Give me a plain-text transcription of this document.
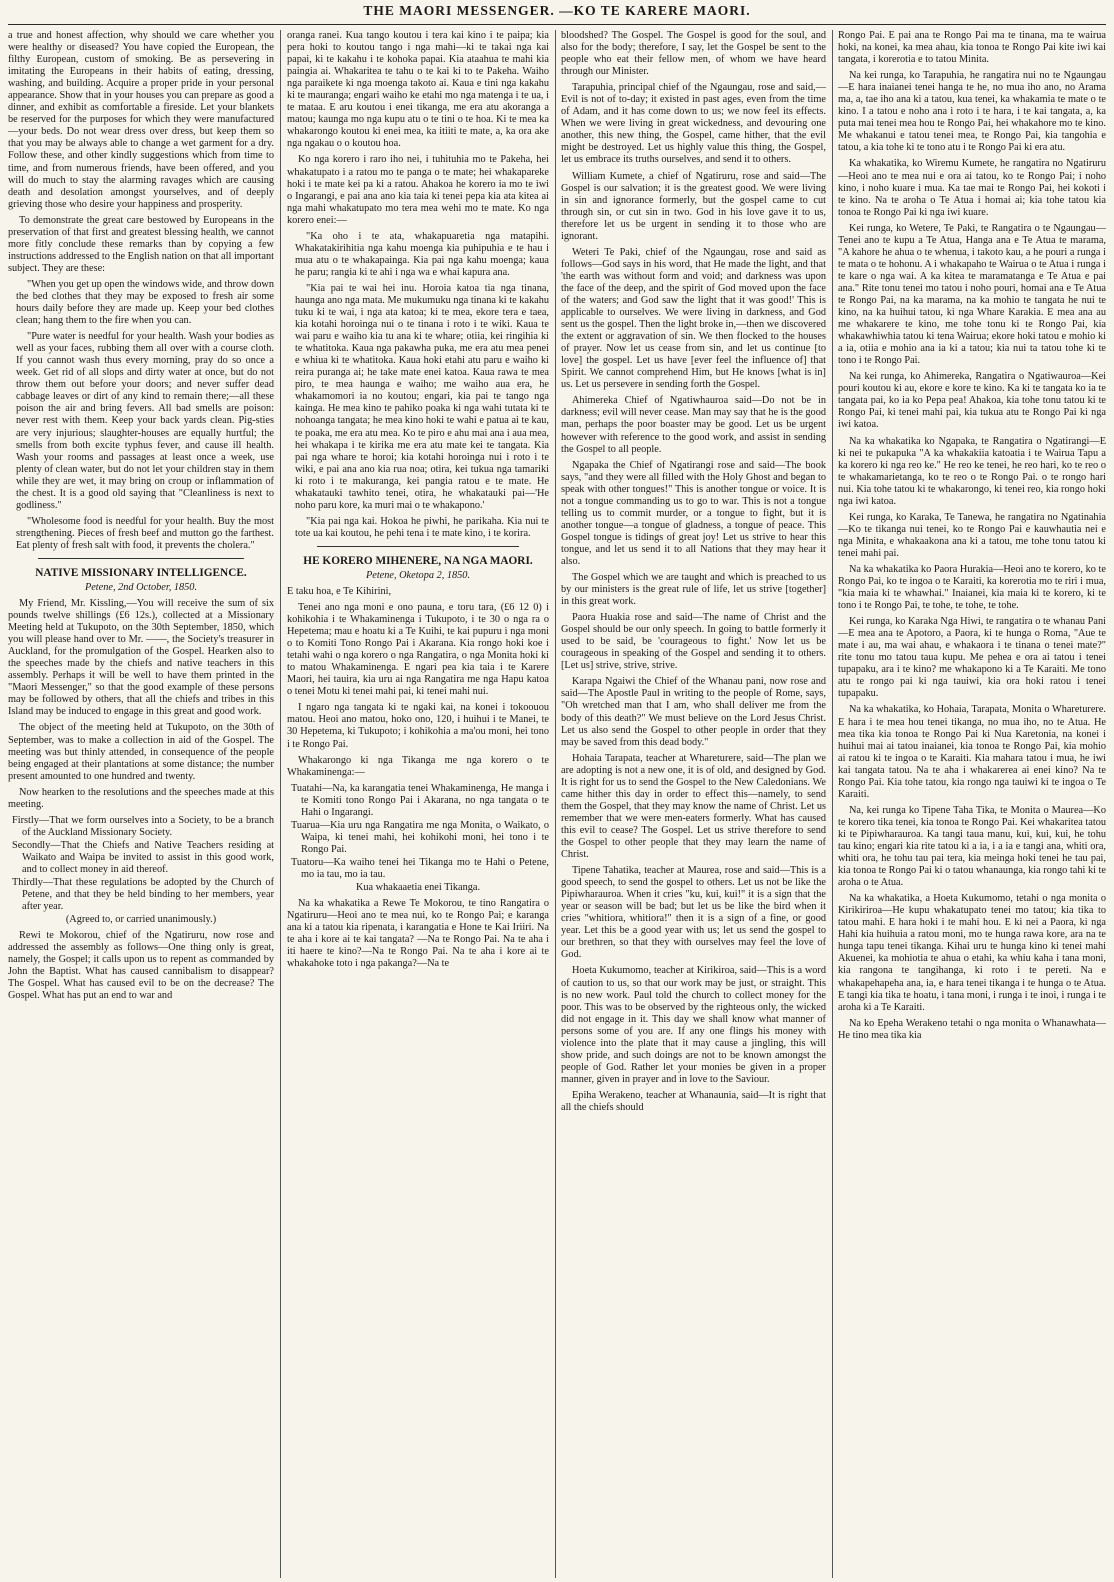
THE MAORI MESSENGER. —KO TE KARERE MAORI.

a true and honest affection, why should we care whether you were healthy or diseased? You have copied the European, the filthy European, custom of smoking. Be as persevering in imitating the Europeans in their habits of eating, dressing, washing, and building. Acquire a proper pride in your personal appearance. Show that in your houses you can prepare as good a dinner, and exhibit as comfortable a fireside. Let your blankets be reserved for the purposes for which they were manufactured—your beds. Do not wear dress over dress, but keep them so that you may be always able to change a wet garment for a dry. Follow these, and other kindly suggestions which from time to time, and from numerous friends, have been offered, and you will do much to stay the alarming ravages which are causing death and desolation amongst yourselves, and of deeply grieving those who desire your happiness and prosperity.

To demonstrate the great care bestowed by Europeans in the preservation of that first and greatest blessing health, we cannot more fitly conclude these remarks than by copying a few instructions addressed to the English nation on that all important subject. They are these:

"When you get up open the windows wide, and throw down the bed clothes that they may be exposed to fresh air some hours daily before they are made up. Keep your bed clothes clean; hang them to the fire when you can.

"Pure water is needful for your health. Wash your bodies as well as your faces, rubbing them all over with a course cloth. If you cannot wash thus every morning, pray do so once a week. Get rid of all slops and dirty water at once, but do not throw them out before your doors; and never suffer dead cabbage leaves or dirt of any kind to remain there;—all these poison the air and bring fevers. All bad smells are poison: never rest with them. Keep your back yards clean. Pig-sties are very injurious; slaughter-houses are equally hurtful; the smells from both excite typhus fever, and cause ill health. Wash your rooms and passages at least once a week, use plenty of clean water, but do not let your children stay in them while they are wet, it may bring on croup or inflammation of the chest. It is a good old saying that "Cleanliness is next to godliness."

"Wholesome food is needful for your health. Buy the most strengthening. Pieces of fresh beef and mutton go the farthest. Eat plenty of fresh salt with food, it prevents the cholera."

NATIVE MISSIONARY INTELLIGENCE.
Petene, 2nd October, 1850.

My Friend, Mr. Kissling,—You will receive the sum of six pounds twelve shillings (£6 12s.), collected at a Missionary Meeting held at Tukupoto, on the 30th September, 1850, which you will please hand over to Mr. ——, the Society's treasurer in Auckland, for the promulgation of the Gospel. Hearken also to the speeches made by the chiefs and native teachers in this assembly. Perhaps it will be well to have them printed in the "Maori Messenger," so that the good example of these persons may be followed by others, that all the chiefs and tribes in this Island may be induced to engage in this great and good work.

The object of the meeting held at Tukupoto, on the 30th of September, was to make a collection in aid of the Gospel. The meeting was but thinly attended, in consequence of the people being engaged at their plantations at some distance; the number present amounted to one hundred and twenty.

Now hearken to the resolutions and the speeches made at this meeting.

Firstly—That we form ourselves into a Society, to be a branch of the Auckland Missionary Society.

Secondly—That the Chiefs and Native Teachers residing at Waikato and Waipa be invited to assist in this good work, and to collect money in aid thereof.

Thirdly—That these regulations be adopted by the Church of Petene, and that they be held binding to her members, year after year.

(Agreed to, or carried unanimously.)

Rewi te Mokorou, chief of the Ngatiruru, now rose and addressed the assembly as follows—One thing only is great, namely, the Gospel; it calls upon us to repent as commanded by John the Baptist. What has caused cannibalism to disappear? The Gospel. What has caused evil to be on the decrease? The Gospel. What has put an end to war and

oranga ranei. Kua tango koutou i tera kai kino i te paipa; kia pera hoki to koutou tango i nga mahi—ki te takai nga kai papai, ki te kakahu i te kohoka papai. Kia ataahua te mahi kia paingia ai. Whakaritea te tahu o te kai ki to te Pakeha. Waiho nga paraikete ki nga moenga takoto ai. Kaua e tini nga kakahu ki te mauranga; engari waiho ke etahi mo nga matenga i te ua, i te mataa. E aru koutou i enei tikanga, me era atu akoranga a matou; kaunga mo nga kupu atu o te tini o te hoa. Ki te mea ka whakarongo koutou ki enei mea, ka itiiti te mate, a, ka ora ake nga ngakau o o koutou hoa.

Ko nga korero i raro iho nei, i tuhituhia mo te Pakeha, hei whakatupato i a ratou mo te panga o te mate; hei whakapareke hoki i te mate kei pa ki a ratou. Ahakoa he korero ia mo te iwi o Ingarangi, e pai ana ano kia taia ki tenei pepa kia ata kitea ai nga mahi whakatupato mo tera mea wehi mo te mate. Ko nga korero enei:—

"Ka oho i te ata, whakapuaretia nga matapihi. Whakatakirihitia nga kahu moenga kia puhipuhia e te hau i mua atu o te whakapainga. Kia pai nga kahu moenga; kaua he paru; rangia ki te ahi i nga wa e whai kapura ana.

"Kia pai te wai hei inu. Horoia katoa tia nga tinana, haunga ano nga mata. Me mukumuku nga tinana ki te kakahu tuku ki te wai, i nga ata katoa; ki te mea, ekore tera e taea, kia kotahi horoinga nui o te tinana i roto i te wiki. Kaua te wai paru e waiho kia tu ana ki te whare; otiia, kei ringihia ki te whatitoka. Kaua nga pakawha puka, me era atu mea penei e whiua ki te whatitoka. Kaua hoki etahi atu paru e waiho ki reira puranga ai; he take mate enei katoa. Kaua rawa te mea piro, te mea haunga e waiho; me waiho aua era, he whakamomori ia no koutou; engari, kia pai te tango nga kainga. He mea kino te pahiko poaka ki nga wahi tutata ki te nohoanga tangata; he mea kino hoki te wahi e patua ai te kau, te poaka, me era atu mea. Ko te piro e ahu mai ana i aua mea, hei whakapa i te kirika me era atu mate kei te tangata. Kia pai nga whare te horoi; kia kotahi horoinga nui i roto i te wiki, e pai ana ano kia rua noa; otira, kei tukua nga tamariki ki roto i te makuranga, kei pangia ratou e te mate. He whakatauki tawhito tenei, otira, he whakatauki pai—'He noho paru kore, ka muri mai o te whakapono.'

"Kia pai nga kai. Hokoa he piwhi, he parikaha. Kia nui te tote ua kai koutou, he pehi tena i te mate kino, i te korira.

HE KORERO MIHENERE, NA NGA MAORI.
Petene, Oketopa 2, 1850.

E taku hoa, e Te Kihirini,

Tenei ano nga moni e ono pauna, e toru tara, (£6 12 0) i kohikohia i te Whakaminenga i Tukupoto, i te 30 o nga ra o Hepetema; mau e hoatu ki a Te Kuihi, te kai pupuru i nga moni o to Komiti Tono Rongo Pai i Akarana. Kia rongo hoki koe i tetahi wahi o nga korero o nga Rangatira, o nga Monita hoki ki to matou Whakaminenga. E ngari pea kia taia i te Karere Maori, hei tauira, kia uru ai nga Rangatira me nga Hapu katoa o tenei Motu ki tenei mahi pai, ki tenei mahi nui.

I ngaro nga tangata ki te ngaki kai, na konei i tokoouou matou. Heoi ano matou, hoko ono, 120, i huihui i te Manei, te 30 Hepetema, ki Tukupoto; i kohikohia a ma'ou moni, hei tono i te Rongo Pai.

Whakarongo ki nga Tikanga me nga korero o te Whakaminenga:—

Tuatahi—Na, ka karangatia tenei Whakaminenga, He manga i te Komiti tono Rongo Pai i Akarana, no nga tangata o te Hahi o Ingarangi.

Tuarua—Kia uru nga Rangatira me nga Monita, o Waikato, o Waipa, ki tenei mahi, hei kohikohi moni, hei tono i te Rongo Pai.

Tuatoru—Ka waiho tenei hei Tikanga mo te Hahi o Petene, mo ia tau, mo ia tau.

Kua whakaaetia enei Tikanga.

Na ka whakatika a Rewe Te Mokorou, te tino Rangatira o Ngatiruru—Heoi ano te mea nui, ko te Rongo Pai; e karanga ana ki a tatou kia ripenata, i karangatia e Hone te Kai Iriiri. Na te aha i kore ai te kai tangata? —Na te Rongo Pai. Na te aha i iti haere te kino?—Na te Rongo Pai. Na te aha i kore ai te whakahoke toto i nga pakanga?—Na te

bloodshed? The Gospel. The Gospel is good for the soul, and also for the body; therefore, I say, let the Gospel be sent to the people who eat their fellow men, of whom we have heard through our Minister.

Tarapuhia, principal chief of the Ngaungau, rose and said,—Evil is not of to-day; it existed in past ages, even from the time of Adam, and it has come down to us; we now feel its effects. When we were living in great wickedness, and devouring one another, this new thing, the Gospel, came hither, that the evil might be destroyed. Let us highly value this thing, the Gospel, let us embrace its truths ourselves, and send it to others.

William Kumete, a chief of Ngatiruru, rose and said—The Gospel is our salvation; it is the greatest good. We were living in sin and ignorance formerly, but the gospel came to cut through sin, or cut sin in two. God in his love gave it to us, therefore let us be urgent in sending it to those who are ignorant.

Weteri Te Paki, chief of the Ngaungau, rose and said as follows—God says in his word, that He made the light, and that 'the earth was without form and void; and darkness was upon the face of the deep, and the spirit of God moved upon the face of the waters; and God saw the light that it was good!' This is applicable to ourselves. We were living in darkness, and God sent us the gospel. Then the light broke in,—then we discovered the extent or aggravation of sin. We then flocked to the houses of prayer. Now let us cease from sin, and let us continue [to love] the gospel. Let us have [ever feel the influence of] that Spirit. We cannot comprehend Him, but He knows [what is in] us. Let us persevere in sending forth the Gospel.

Ahimereka Chief of Ngatiwhauroa said—Do not be in darkness; evil will never cease. Man may say that he is the good man, perhaps the poor boaster may be good. Let us be urgent however with reference to the good work, and assist in sending the Gospel to all people.

Ngapaka the Chief of Ngatirangi rose and said—The book says, "and they were all filled with the Holy Ghost and began to speak with other tongues!" This is another tongue or voice. It is not a tongue commanding us to go to war. This is not a tongue telling us to commit murder, or a tongue to fight, but it is another tongue—a tongue of gladness, a tongue of peace. This Gospel tongue is tidings of great joy! Let us strive to hear this tongue, and let us send it to all Nations that they may hear it also.

The Gospel which we are taught and which is preached to us by our ministers is the great rule of life, let us strive [together] in this great work.

Paora Huakia rose and said—The name of Christ and the Gospel should be our only speech. In going to battle formerly it used to be said, be 'courageous to fight.' Now let us be courageous in speaking of the Gospel and sending it to others. [Let us] strive, strive, strive.

Karapa Ngaiwi the Chief of the Whanau pani, now rose and said—The Apostle Paul in writing to the people of Rome, says, "Oh wretched man that I am, who shall deliver me from the body of this death?" We must believe on the Lord Jesus Christ. Let us also send the Gospel to other people in order that they may be saved from this dead body."

Hohaia Tarapata, teacher at Whareturere, said—The plan we are adopting is not a new one, it is of old, and designed by God. It is right for us to send the Gospel to the New Caledonians. We came hither this day in order to effect this—namely, to send them the Gospel, that they may know the name of Christ. Let us remember that we were men-eaters formerly. What has caused this evil to cease? The Gospel. Let us strive therefore to send the Gospel to other people that they may learn the name of Christ.

Tipene Tahatika, teacher at Maurea, rose and said—This is a good speech, to send the gospel to others. Let us not be like the Pipiwharauroa. When it cries "ku, kui, kui!" it is a sign that the year or season will be bad; but let us be like the bird when it cries "whitiora, whitiora!" then it is a sign of a fine, or good year. Let this be a good year with us; let us send the gospel to our brethren, so that they with ourselves may feel the love of God.

Hoeta Kukumomo, teacher at Kirikiroa, said—This is a word of caution to us, so that our work may be just, or straight. This is no new work. Paul told the church to collect money for the poor. This was to be observed by the righteous only, the wicked did not engage in it. This day we shall know what manner of persons some of you are. If any one flings his money with violence into the plate that it may cause a jingling, this will show pride, and such doings are not to be known amongst the people of God. Rather let your monies be given in a proper manner, given in prayer and in love to the Saviour.

Epiha Werakeno, teacher at Whanaunia, said—It is right that all the chiefs should

Rongo Pai. E pai ana te Rongo Pai ma te tinana, ma te wairua hoki, na konei, ka mea ahau, kia tonoa te Rongo Pai kite iwi kai tangata, i korerotia e to tatou Minita.

Na kei runga, ko Tarapuhia, he rangatira nui no te Ngaungau—E hara inaianei tenei hanga te he, no mua iho ano, no Arama ma, a, tae iho ana ki a tatou, kua tenei, ka whakamia te mate o te kino. I a tatou e noho ana i roto i te hara, i te kai tangata, a, ka puta mai tenei mea hou te Rongo Pai, hei whakahore mo te kino. Me whakanui e tatou tenei mea, te Rongo Pai, kia tangohia e tatou, a kia tohe ki te tono atu i te Rongo Pai ki era atu.

Ka whakatika, ko Wiremu Kumete, he rangatira no Ngatiruru—Heoi ano te mea nui e ora ai tatou, ko te Rongo Pai; i noho kino, i noho kuare i mua. Ka tae mai te Rongo Pai, hei kokoti i te kino. Na te aroha o Te Atua i homai ai; kia tohe tatou kia tonoa te Rongo Pai ki nga iwi kuare.

Kei runga, ko Wetere, Te Paki, te Rangatira o te Ngaungau—Tenei ano te kupu a Te Atua, Hanga ana e Te Atua te marama, "A kahore he ahua o te whenua, i takoto kau, a he pouri a runga i te mata o te hohonu. A i whakapaho te Wairua o te Atua i runga i te kare o nga wai. A ka kitea te maramatanga e Te Atua e pai ana." Rite tonu tenei mo tatou i noho pouri, homai ana e Te Atua te Rongo Pai, na ka marama, na ka mohio te tangata he nui te kino, na ka huihui tatou, ki nga Whare Karakia. E mea ana au me whakarere te kino, me tohe tonu ki te Rongo Pai, kia whakawhiwhia tatou ki tena Wairua; ekore hoki tatou e mohio ki a ia, otiia e mohio ana ia ki a tatou; kia nui ta tatou tohe ki te tono i te Rongo Pai.

Na kei runga, ko Ahimereka, Rangatira o Ngatiwauroa—Kei pouri koutou ki au, ekore e kore te kino. Ka ki te tangata ko ia te tangata pai, ko ia ko Pepa pea! Ahakoa, kia tohe tonu tatou ki te Rongo Pai, ki tenei mahi pai, kia tukua atu te Rongo Pai ki nga iwi katoa.

Na ka whakatika ko Ngapaka, te Rangatira o Ngatirangi—E ki nei te pukapuka "A ka whakakiia katoatia i te Wairua Tapu a ka korero ki nga reo ke." He reo ke tenei, he reo hari, ko te reo o te whakamarietanga, ko te reo o te Rongo Pai. o te rongo hari nui. Kia tohe tatou ki te whakarongo, ki tenei reo, kia rongo hoki nga iwi katoa.

Kei runga, ko Karaka, Te Tanewa, he rangatira no Ngatinahia—Ko te tikanga nui tenei, ko te Rongo Pai e kauwhautia nei e nga Minita, e whakaakona ana ki a tatou, me tohe tonu tatou ki tenei mahi pai.

Na ka whakatika ko Paora Hurakia—Heoi ano te korero, ko te Rongo Pai, ko te ingoa o te Karaiti, ka korerotia mo te riri i mua, "kia maia ki te whawhai." Inaianei, kia maia ki te korero, ki te tono i te Rongo Pai, te tohe, te tohe, te tohe.

Kei runga, ko Karaka Nga Hiwi, te rangatira o te whanau Pani—E mea ana te Apotoro, a Paora, ki te hunga o Roma, "Aue te mate i au, ma wai ahau, e whakaora i te tinana o tenei mate?" rite tonu mo tatou taua kupu. Me pehea e ora ai tatou i tenei tupapaku, ara i te kino? me whakapono ki a Te Karaiti. Me tono atu te rongo pai ki nga tauiwi, kia ora hoki ratou i tenei tupapaku.

Na ka whakatika, ko Hohaia, Tarapata, Monita o Whareturere. E hara i te mea hou tenei tikanga, no mua iho, no te Atua. He mea tika kia tonoa te Rongo Pai ki Nua Karetonia, na konei i huihui mai ai tatou inaianei, kia tonoa te Rongo Pai, kia mohio ai ratou ki te ingoa o te Karaiti. Kia mahara tatou i mua, he iwi kai tangata tatou. Na te aha i whakarerea ai enei kino? Na te Rongo Pai. Kia tohe tatou, kia rongo nga tauiwi ki te ingoa o Te Karaiti.

Na, kei runga ko Tipene Taha Tika, te Monita o Maurea—Ko te korero tika tenei, kia tonoa te Rongo Pai. Kei whakaritea tatou ki te Pipiwharauroa. Ka tangi taua manu, kui, kui, kui, he tohu tau kino; engari kia rite tatou ki a ia, i a ia e tangi ana, whiti ora, whiti ora, he tohu tau pai tera, kia meinga hoki tenei he tau pai, kia tonoa te Rongo Pai ki o tatou whanaunga, kia rongo tahi ki te aroha o te Atua.

Na ka whakatika, a Hoeta Kukumomo, tetahi o nga monita o Kirikiriroa—He kupu whakatupato tenei mo tatou; kia tika to tatou mahi. E hara hoki i te mahi hou. E ki nei a Paora, ki nga Hahi kia huihuia a ratou moni, mo te hunga rawa kore, ara na te hunga tapu tenei tikanga. Kihai uru te hunga kino ki tenei mahi Akuenei, ka mohiotia te ahua o etahi, ka whiu kaha i tana moni, kia rangona te tangihanga, ki roto i te pereti. Na e whakapehapeha ana, ia, e hara tenei tikanga i te hunga o te Atua. E tangi kia tika te hoatu, i tana moni, i runga i te inoi, i runga i te aroha ki a Te Karaiti.

Na ko Epeha Werakeno tetahi o nga monita o Whanawhata—He tino mea tika kia
